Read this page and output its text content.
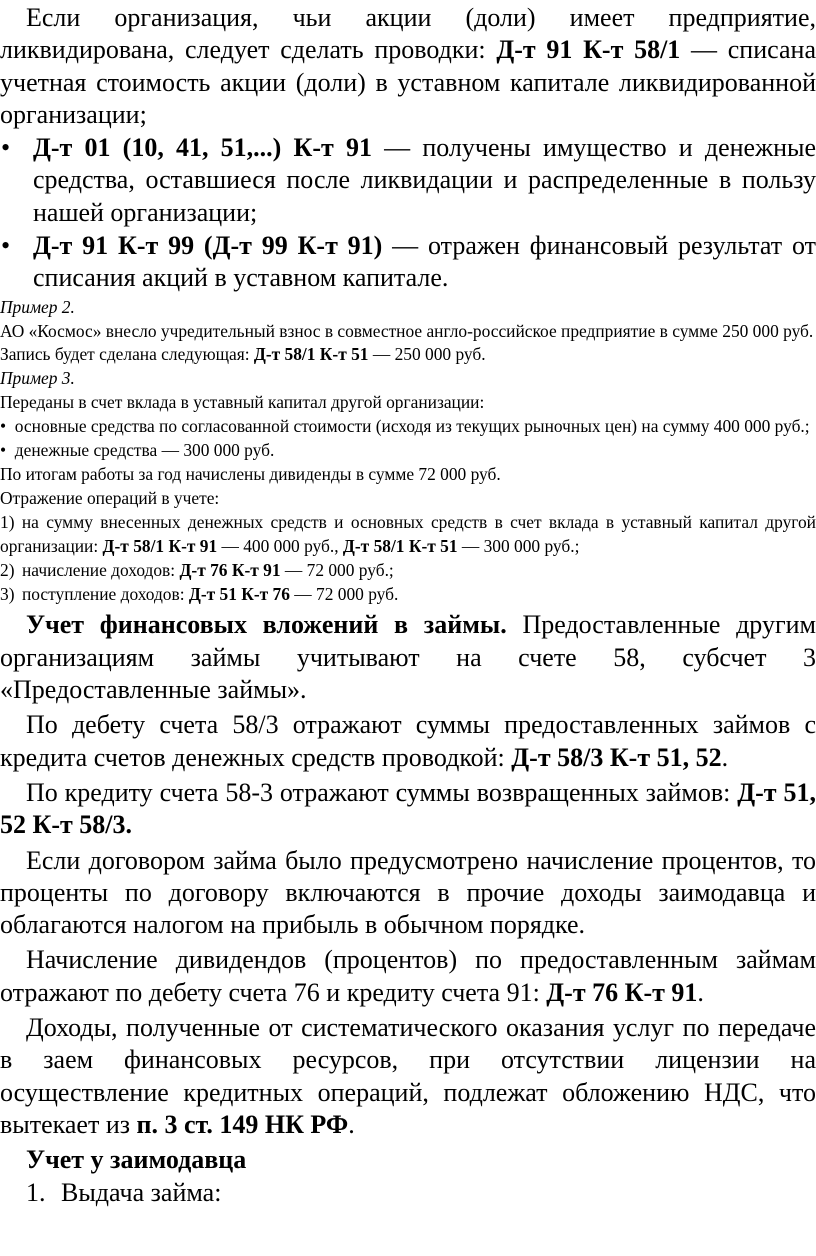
Если организация, чьи акции (доли) имеет предприятие, ликвидирована, следует сделать проводки: Д-т 91 К-т 58/1 — списана учетная стоимость акции (доли) в уставном капитале ликвидированной организации;

• Д-т 01 (10, 41, 51,...) К-т 91 — получены имущество и денежные средства, оставшиеся после ликвидации и распределенные в пользу нашей организации;

• Д-т 91 К-т 99 (Д-т 99 К-т 91) — отражен финансовый результат от списания акций в уставном капитале.

Пример 2.

АО «Космос» внесло учредительный взнос в совместное англо-российское предприятие в сумме 250 000 руб.

Запись будет сделана следующая: Д-т 58/1 К-т 51 — 250 000 руб.

Пример 3.

Переданы в счет вклада в уставный капитал другой организации:

• основные средства по согласованной стоимости (исходя из текущих рыночных цен) на сумму 400 000 руб.;

• денежные средства — 300 000 руб.

По итогам работы за год начислены дивиденды в сумме 72 000 руб.

Отражение операций в учете:

1) на сумму внесенных денежных средств и основных средств в счет вклада в уставный капитал другой организации: Д-т 58/1 К-т 91 — 400 000 руб., Д-т 58/1 К-т 51 — 300 000 руб.;

2) начисление доходов: Д-т 76 К-т 91 — 72 000 руб.;

3) поступление доходов: Д-т 51 К-т 76 — 72 000 руб.

Учет финансовых вложений в займы. Предоставленные другим организациям займы учитывают на счете 58, субсчет 3 «Предоставленные займы».

По дебету счета 58/3 отражают суммы предоставленных займов с кредита счетов денежных средств проводкой: Д-т 58/3 К-т 51, 52.

По кредиту счета 58-3 отражают суммы возвращенных займов: Д-т 51, 52 К-т 58/3.

Если договором займа было предусмотрено начисление процентов, то проценты по договору включаются в прочие доходы заимодавца и облагаются налогом на прибыль в обычном порядке.

Начисление дивидендов (процентов) по предоставленным займам отражают по дебету счета 76 и кредиту счета 91: Д-т 76 К-т 91.

Доходы, полученные от систематического оказания услуг по передаче в заем финансовых ресурсов, при отсутствии лицензии на осуществление кредитных операций, подлежат обложению НДС, что вытекает из п. 3 ст. 149 НК РФ.

Учет у заимодавца

1. Выдача займа:
